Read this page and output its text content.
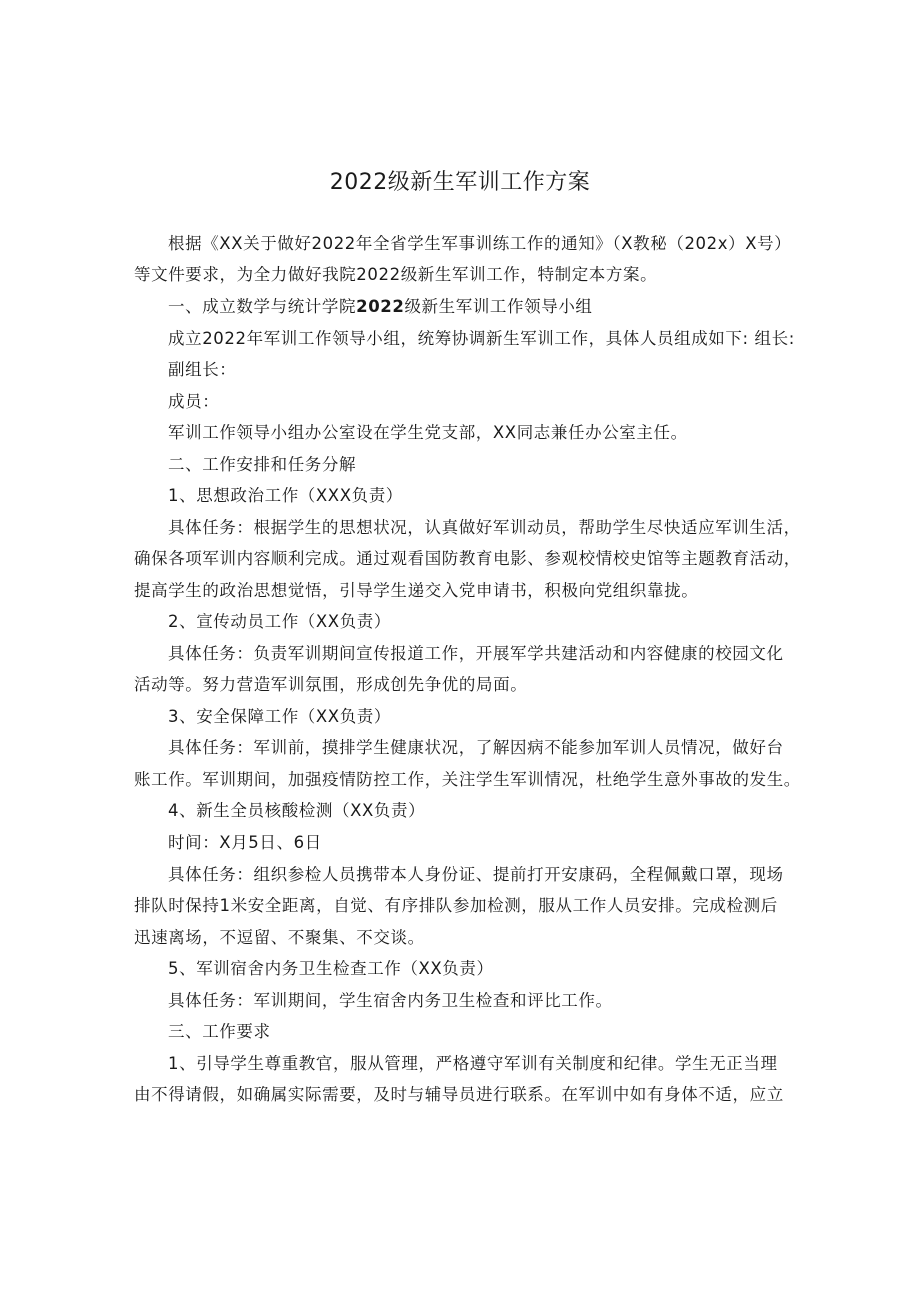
2022级新生军训工作方案
根据《XX关于做好2022年全省学生军事训练工作的通知》（X教秘（202x）X号）
等文件要求，为全力做好我院2022级新生军训工作，特制定本方案。
一、成立数学与统计学院2022级新生军训工作领导小组
成立2022年军训工作领导小组，统筹协调新生军训工作，具体人员组成如下: 组长:
副组长：
成员：
军训工作领导小组办公室设在学生党支部，XX同志兼任办公室主任。
二、工作安排和任务分解
1、思想政治工作（XXX负责）
具体任务：根据学生的思想状况，认真做好军训动员，帮助学生尽快适应军训生活，
确保各项军训内容顺利完成。通过观看国防教育电影、参观校情校史馆等主题教育活动，
提高学生的政治思想觉悟，引导学生递交入党申请书，积极向党组织靠拢。
2、宣传动员工作（XX负责）
具体任务：负责军训期间宣传报道工作，开展军学共建活动和内容健康的校园文化
活动等。努力营造军训氛围，形成创先争优的局面。
3、安全保障工作（XX负责）
具体任务：军训前，摸排学生健康状况，了解因病不能参加军训人员情况，做好台
账工作。军训期间，加强疫情防控工作，关注学生军训情况，杜绝学生意外事故的发生。
4、新生全员核酸检测（XX负责）
时间：X月5日、6日
具体任务：组织参检人员携带本人身份证、提前打开安康码，全程佩戴口罩，现场
排队时保持1米安全距离，自觉、有序排队参加检测，服从工作人员安排。完成检测后
迅速离场，不逗留、不聚集、不交谈。
5、军训宿舍内务卫生检查工作（XX负责）
具体任务：军训期间，学生宿舍内务卫生检查和评比工作。
三、工作要求
1、引导学生尊重教官，服从管理，严格遵守军训有关制度和纪律。学生无正当理
由不得请假，如确属实际需要，及时与辅导员进行联系。在军训中如有身体不适，应立
